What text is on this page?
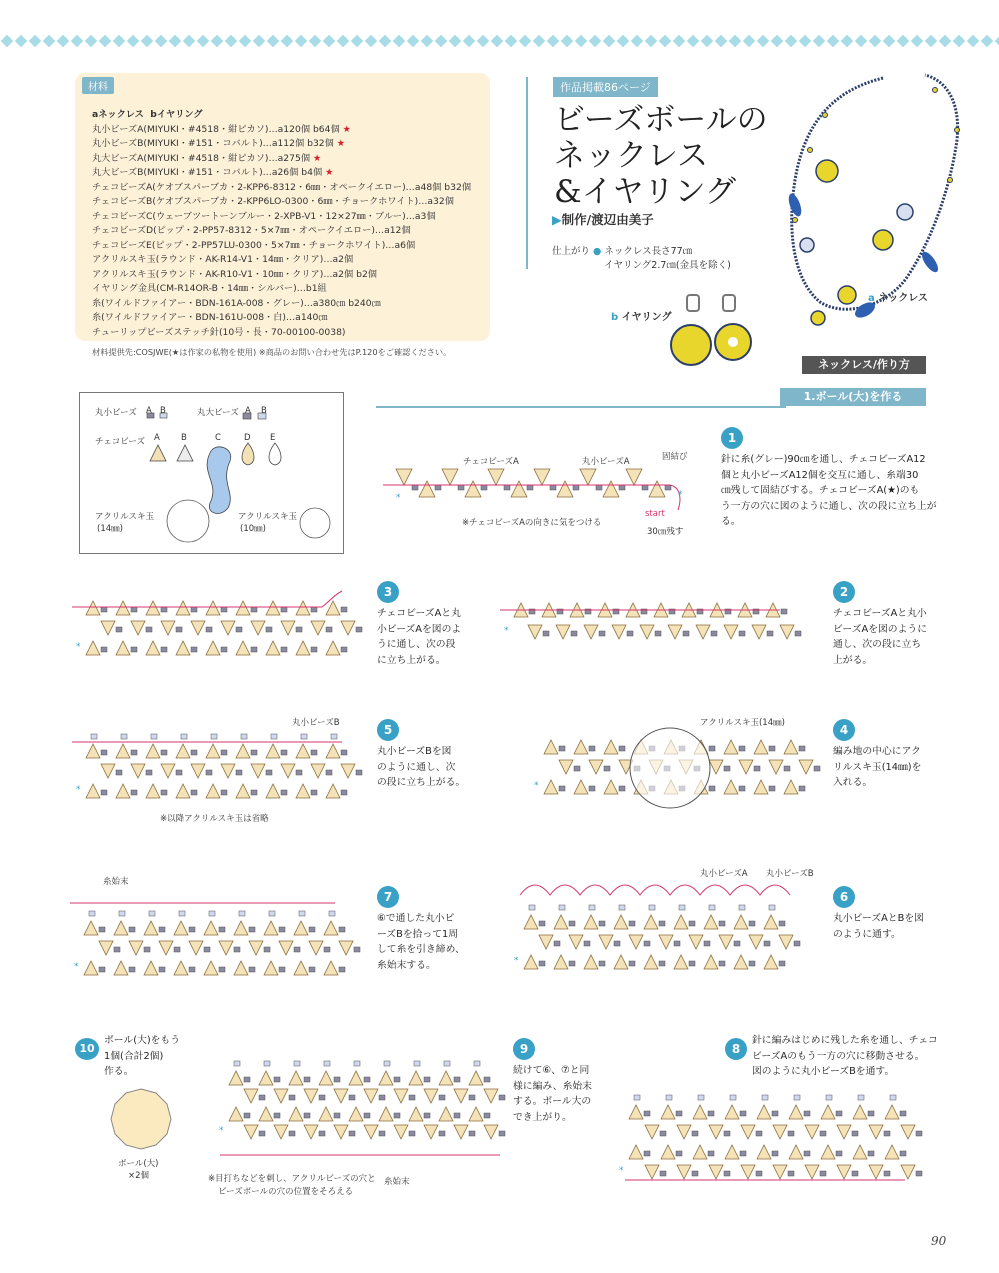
材料
aネックレス bイヤリング
丸小ビーズA(MIYUKI・#4518・紺ピカソ)…a120個 b64個 ★
丸小ビーズB(MIYUKI・#151・コバルト)…a112個 b32個 ★
丸大ビーズA(MIYUKI・#4518・紺ピカソ)…a275個 ★
丸大ビーズB(MIYUKI・#151・コバルト)…a26個 b4個 ★
チェコビーズA(ケオブスパーブカ・2-KPP6-8312・6㎜・オペークイエロー)…a48個 b32個
チェコビーズB(ケオブスパーブカ・2-KPP6LO-0300・6㎜・チョークホワイト)…a32個
チェコビーズC(ウェーブツートーンブルー・2-XPB-V1・12×27㎜・ブルー)…a3個
チェコビーズD(ピップ・2-PP57-8312・5×7㎜・オペークイエロー)…a12個
チェコビーズE(ピップ・2-PP57LU-0300・5×7㎜・チョークホワイト)…a6個
アクリルスキ玉(ラウンド・AK-R14-V1・14㎜・クリア)…a2個
アクリルスキ玉(ラウンド・AK-R10-V1・10㎜・クリア)…a2個 b2個
イヤリング金具(CM-R14OR-B・14㎜・シルバー)…b1組
糸(ワイルドファイアー・BDN-161A-008・グレー)…a380㎝ b240㎝
糸(ワイルドファイアー・BDN-161U-008・白)…a140㎝
チューリップビーズステッチ針(10号・長・70-00100-0038)
材料提供先:COSJWE(★は作家の私物を使用) ※商品のお問い合わせ先はP.120をご確認ください。
作品掲載86ページ
ビーズボールの
ネックレス
&イヤリング
▶制作/渡辺由美子
仕上がり ● ネックレス長さ77㎝
イヤリング2.7㎝(金具を除く)
a ネックレス
b イヤリング
ネックレス/作り方
1.ボール(大)を作る
丸小ビーズ A B	丸大ビーズ A B
チェコビーズ A B	C	D E
アクリルスキ玉
(14㎜)
アクリルスキ玉
(10㎜)
*	*
*
*
*	*
*
*
*
*
1
針に糸(グレー)90㎝を通し、チェコビーズA12
個と丸小ビーズA12個を交互に通し、糸端30
㎝残して固結びする。チェコビーズA(★)のも
う一方の穴に図のように通し、次の段に立ち上がる。
2
チェコビーズAと丸小
ビーズAを図のように
通し、次の段に立ち
上がる。
3
チェコビーズAと丸
小ビーズAを図のよ
うに通し、次の段
に立ち上がる。
4
編み地の中心にアク
リルスキ玉(14㎜)を
入れる。
5
丸小ビーズBを図
のように通し、次
の段に立ち上がる。
6
丸小ビーズAとBを図
のように通す。
7
⑥で通した丸小ビ
ーズBを拾って1周
して糸を引き締め、
糸始末する。
8
針に編みはじめに残した糸を通し、チェコ
ビーズAのもう一方の穴に移動させる。
図のように丸小ビーズBを通す。
9
続けて⑥、⑦と同
様に編み、糸始末
する。ボール大の
でき上がり。
10
ボール(大)をもう
1個(合計2個)
作る。
チェコビーズA	丸小ビーズA	固結び
start
30㎝残す
※チェコビーズAの向きに気をつける
アクリルスキ玉(14㎜)
丸小ビーズB
※以降アクリルスキ玉は省略
丸小ビーズA 丸小ビーズB
糸始末
糸始末
※目打ちなどを刺し、アクリルビーズの穴と
ビーズボールの穴の位置をそろえる
ボール(大)
×2個
90
